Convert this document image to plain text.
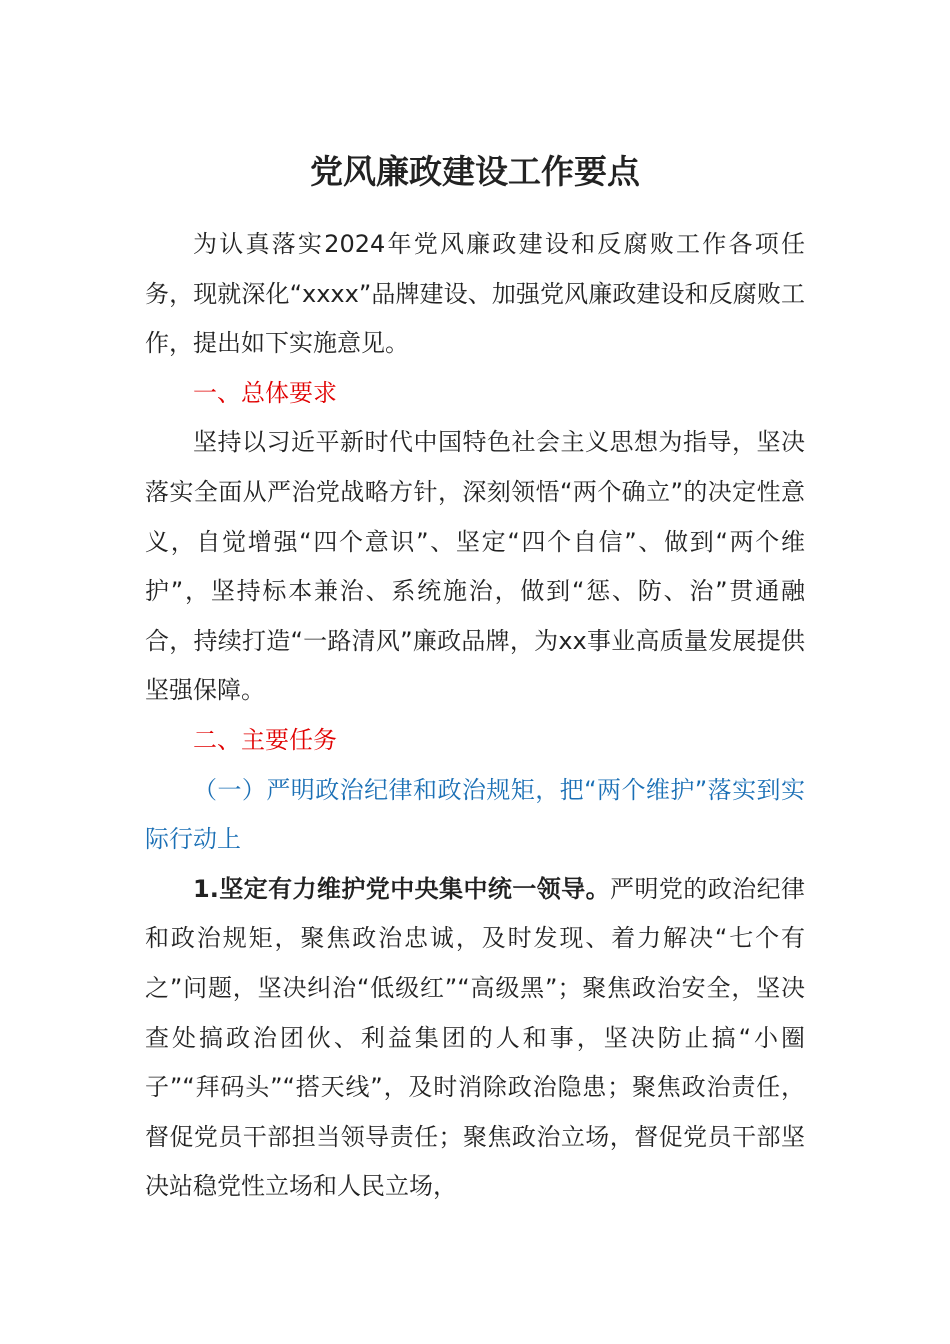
党风廉政建设工作要点

为认真落实2024年党风廉政建设和反腐败工作各项任务，现就深化“xxxx”品牌建设、加强党风廉政建设和反腐败工作，提出如下实施意见。

一、总体要求

坚持以习近平新时代中国特色社会主义思想为指导，坚决落实全面从严治党战略方针，深刻领悟“两个确立”的决定性意义，自觉增强“四个意识”、坚定“四个自信”、做到“两个维护”，坚持标本兼治、系统施治，做到“惩、防、治”贯通融合，持续打造“一路清风”廉政品牌，为xx事业高质量发展提供坚强保障。

二、主要任务

（一）严明政治纪律和政治规矩，把“两个维护”落实到实际行动上

1.坚定有力维护党中央集中统一领导。严明党的政治纪律和政治规矩，聚焦政治忠诚，及时发现、着力解决“七个有之”问题，坚决纠治“低级红”“高级黑”；聚焦政治安全，坚决查处搞政治团伙、利益集团的人和事，坚决防止搞“小圈子”“拜码头”“搭天线”，及时消除政治隐患；聚焦政治责任，督促党员干部担当领导责任；聚焦政治立场，督促党员干部坚决站稳党性立场和人民立场，
